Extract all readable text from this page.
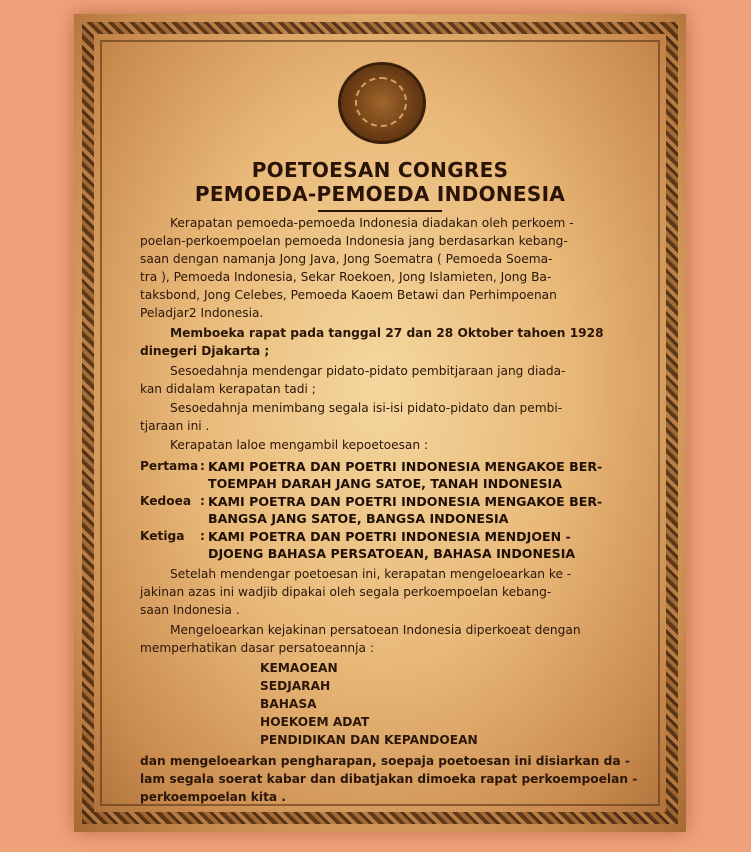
POETOESAN CONGRES
PEMOEDA-PEMOEDA INDONESIA
Kerapatan pemoeda-pemoeda Indonesia diadakan oleh perkoem -
poelan-perkoempoelan pemoeda Indonesia jang berdasarkan kebang-
saan dengan namanja Jong Java, Jong Soematra ( Pemoeda Soema-
tra ), Pemoeda Indonesia, Sekar Roekoen, Jong Islamieten, Jong Ba-
taksbond, Jong Celebes, Pemoeda Kaoem Betawi dan Perhimpoenan
Peladjar2 Indonesia.
Memboeka rapat pada tanggal 27 dan 28 Oktober tahoen 1928
dinegeri Djakarta ;
Sesoedahnja mendengar pidato-pidato pembitjaraan jang diada-
kan didalam kerapatan tadi ;
Sesoedahnja menimbang segala isi-isi pidato-pidato dan pembi-
tjaraan ini .
Kerapatan laloe mengambil kepoetoesan :
Pertama : KAMI POETRA DAN POETRI INDONESIA MENGAKOE BER-
TOEMPAH DARAH JANG SATOE, TANAH INDONESIA
Kedoea : KAMI POETRA DAN POETRI INDONESIA MENGAKOE BER-
BANGSA JANG SATOE, BANGSA INDONESIA
Ketiga : KAMI POETRA DAN POETRI INDONESIA MENDJOEN -
DJOENG BAHASA PERSATOEAN, BAHASA INDONESIA
Setelah mendengar poetoesan ini, kerapatan mengeloearkan ke -
jakinan azas ini wadjib dipakai oleh segala perkoempoelan kebang-
saan Indonesia .
Mengeloearkan kejakinan persatoean Indonesia diperkoeat dengan
memperhatikan dasar persatoeannja :
KEMAOEAN
SEDJARAH
BAHASA
HOEKOEM ADAT
PENDIDIKAN DAN KEPANDOEAN
dan mengeloearkan pengharapan, soepaja poetoesan ini disiarkan da -
lam segala soerat kabar dan dibatjakan dimoeka rapat perkoempoelan -
perkoempoelan kita .
